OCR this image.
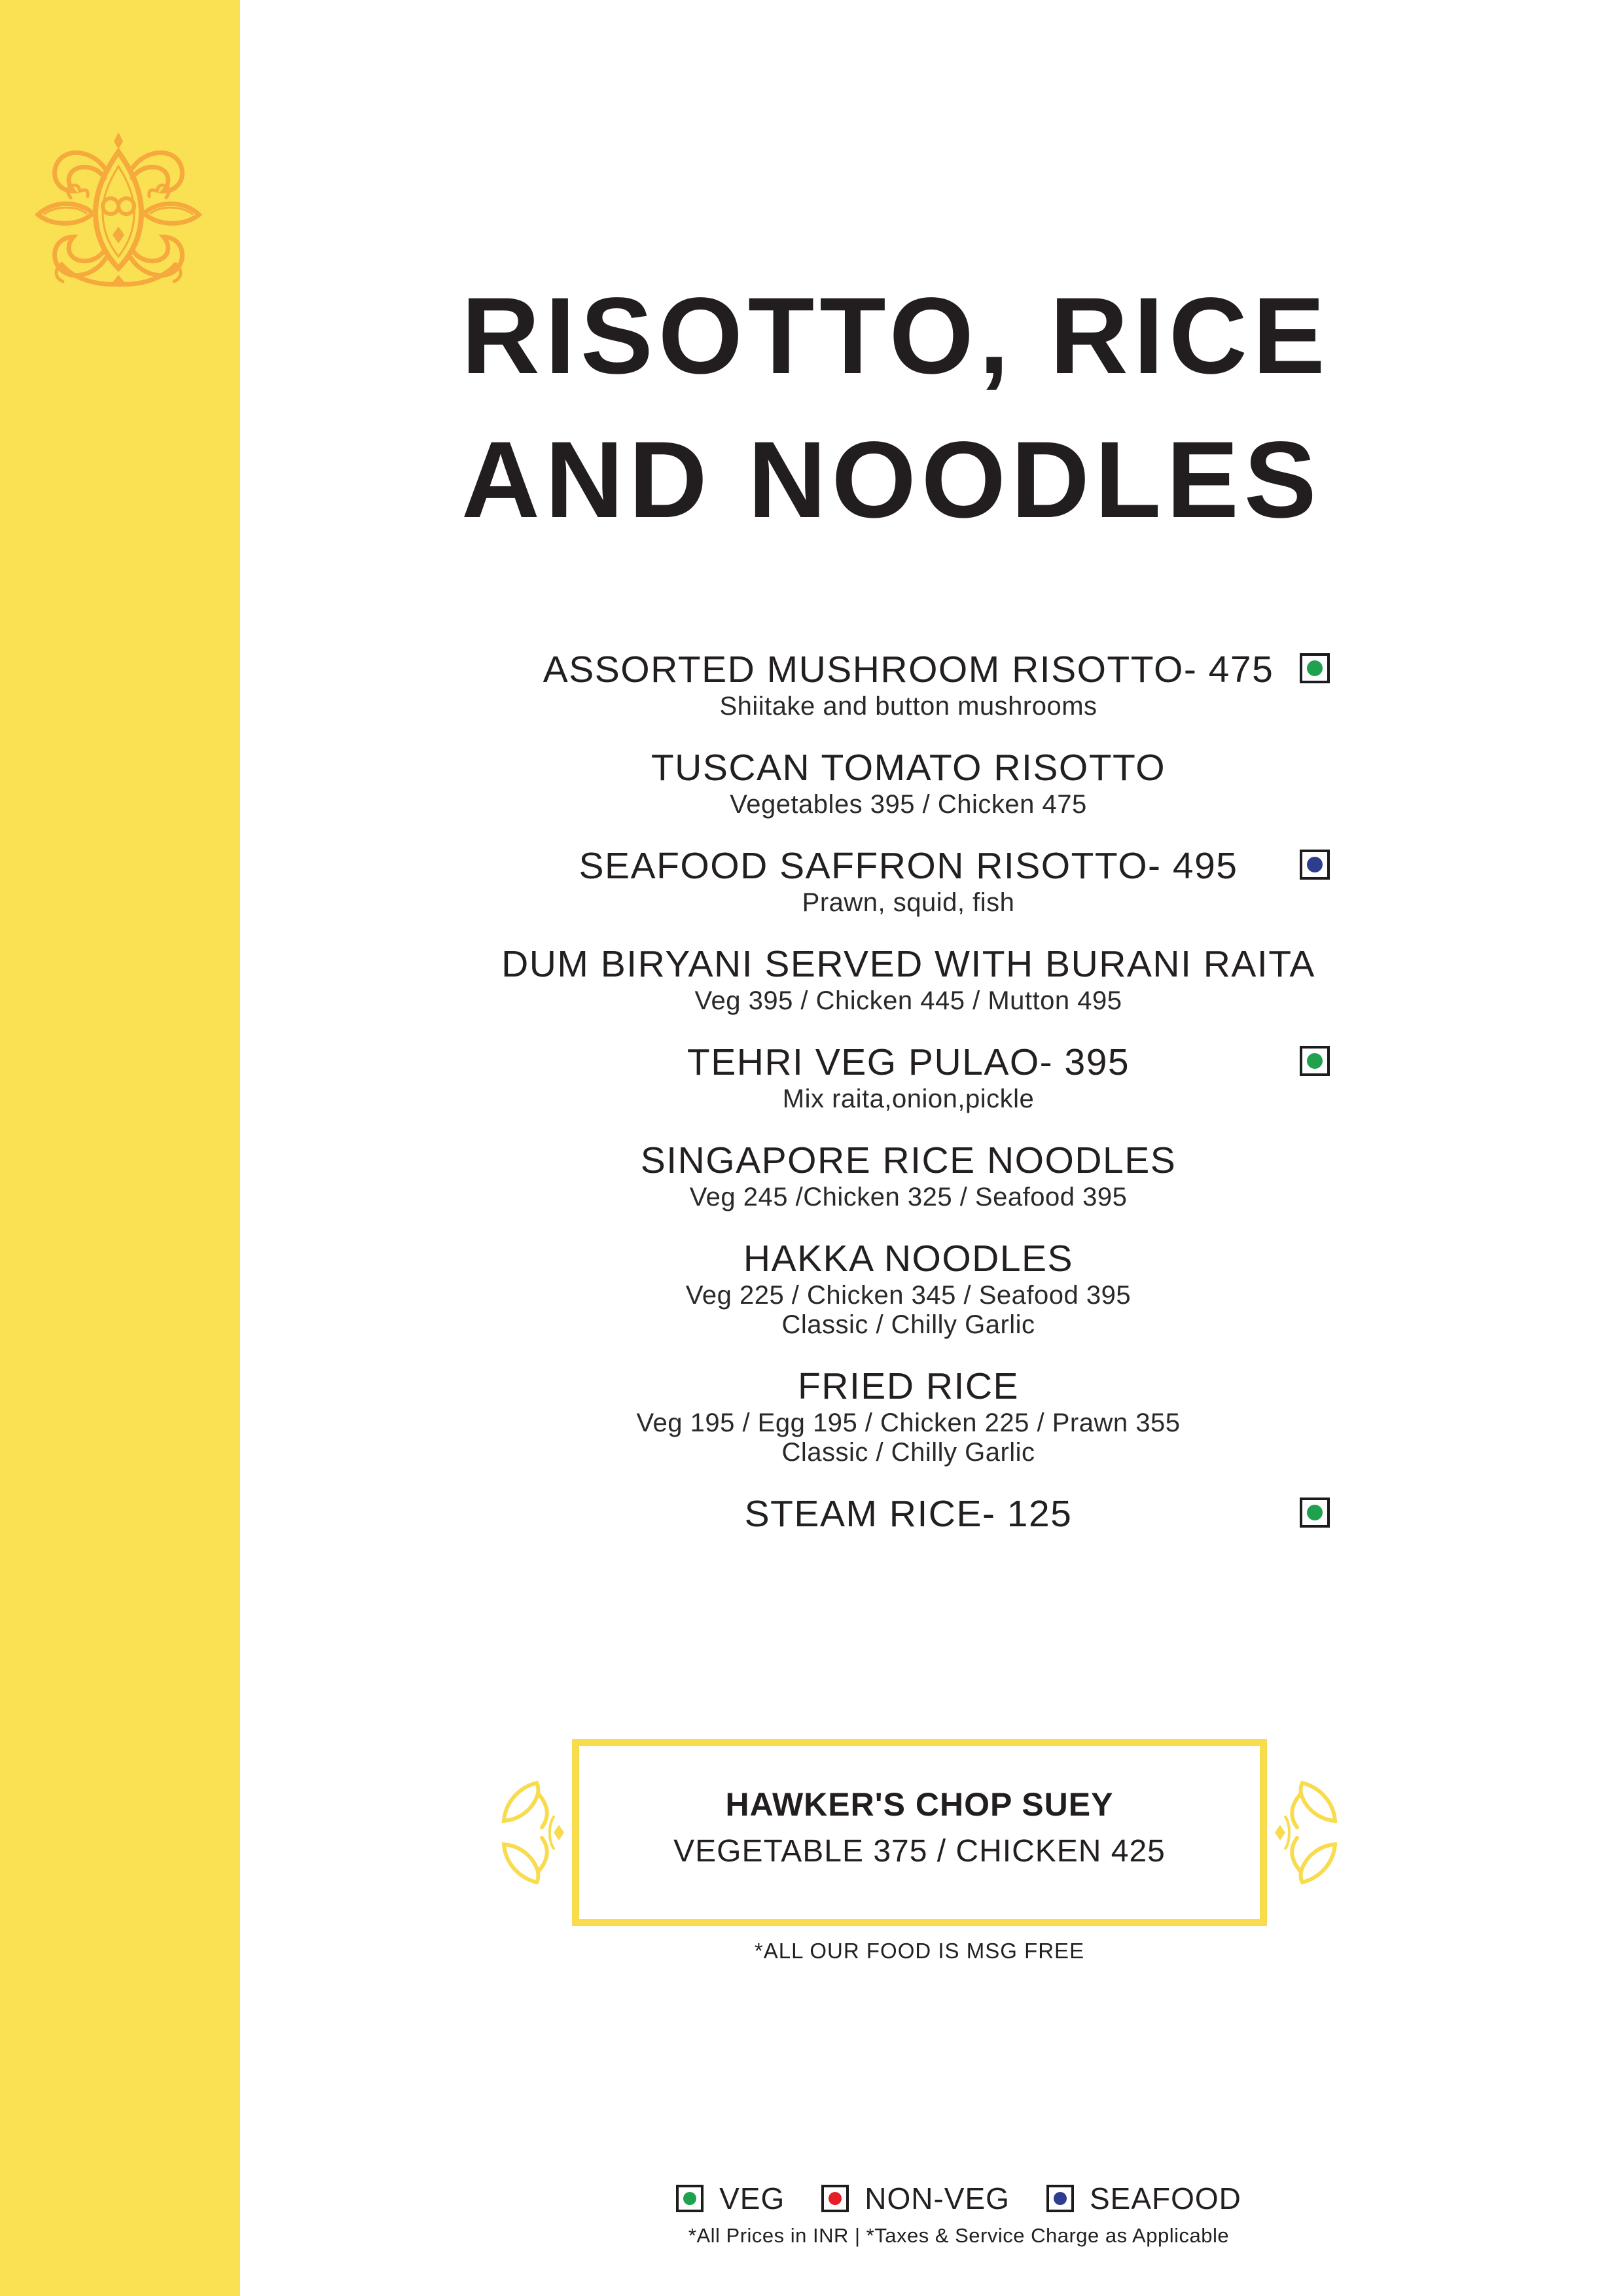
RISOTTO, RICE
AND NOODLES
ASSORTED MUSHROOM RISOTTO- 475
Shiitake and button mushrooms
TUSCAN TOMATO RISOTTO
Vegetables 395 / Chicken 475
SEAFOOD SAFFRON RISOTTO- 495
Prawn, squid, fish
DUM BIRYANI SERVED WITH BURANI RAITA
Veg 395 / Chicken 445 / Mutton 495
TEHRI VEG PULAO- 395
Mix raita,onion,pickle
SINGAPORE RICE NOODLES
Veg 245 /Chicken 325 / Seafood 395
HAKKA NOODLES
Veg 225 / Chicken 345 / Seafood 395
Classic / Chilly Garlic
FRIED RICE
Veg 195 / Egg 195 / Chicken 225 / Prawn 355
Classic / Chilly Garlic
STEAM RICE- 125
HAWKER'S CHOP SUEY
VEGETABLE 375 / CHICKEN 425
*ALL OUR FOOD IS MSG FREE
VEG	NON-VEG	SEAFOOD
*All Prices in INR | *Taxes & Service Charge as Applicable
